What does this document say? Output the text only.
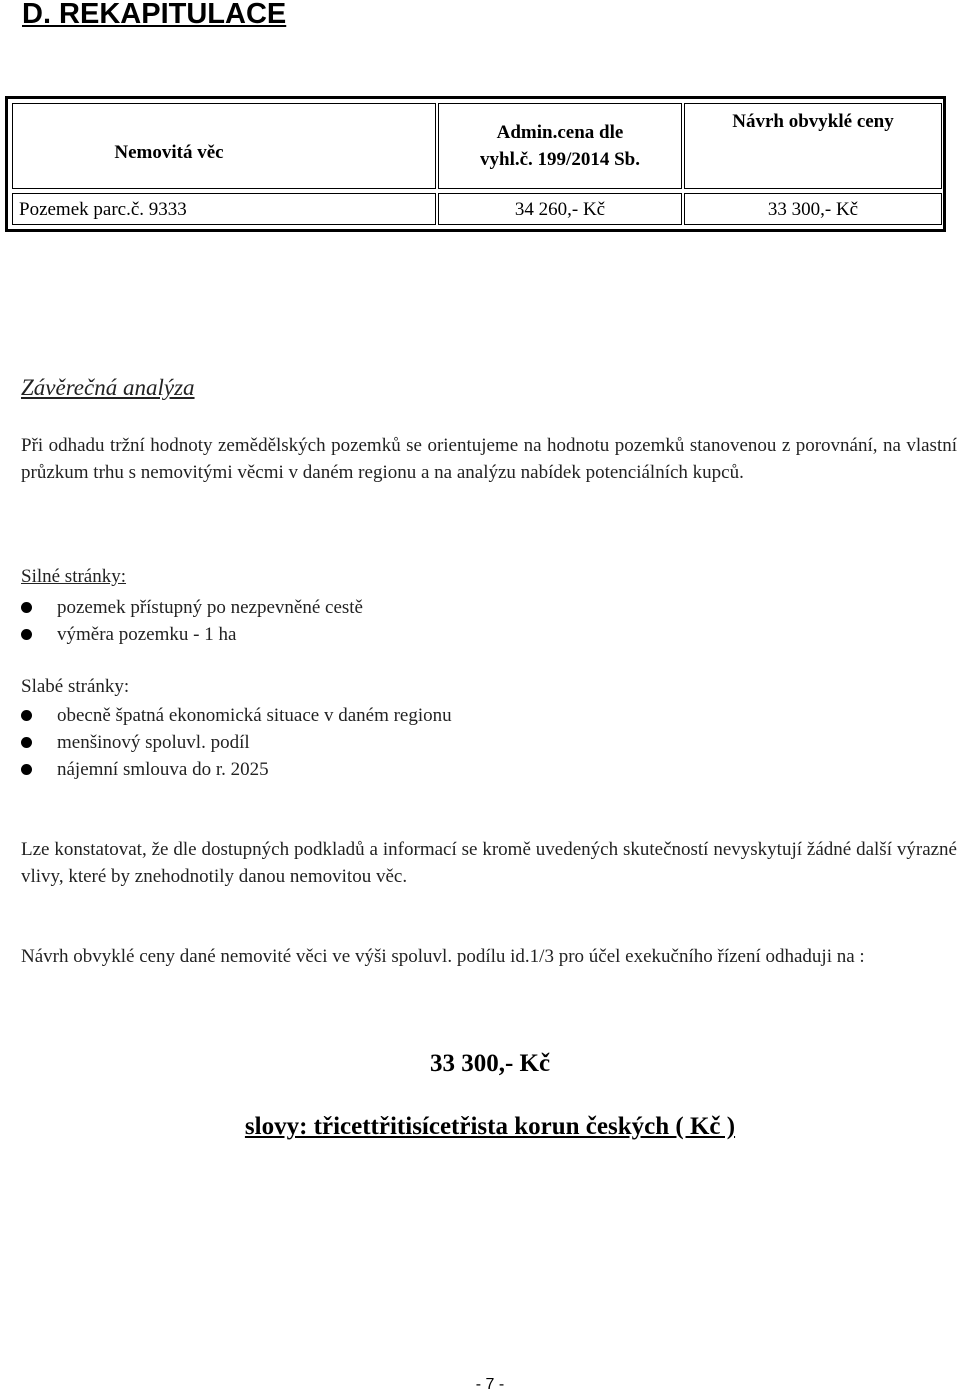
D. REKAPITULACE
Nemovitá věc
Admin.cena dle
vyhl.č. 199/2014 Sb.
Návrh obvyklé ceny
Pozemek parc.č. 9333	34 260,- Kč	33 300,- Kč
Závěrečná analýza

Při odhadu tržní hodnoty zemědělských pozemků se orientujeme na hodnotu pozemků stanovenou z porovnání, na vlastní průzkum trhu s nemovitými věcmi v daném regionu a na analýzu nabídek potenciálních kupců.

Silné stránky:

pozemek přístupný po nezpevněné cestě
výměra pozemku - 1 ha

Slabé stránky:

obecně špatná ekonomická situace v daném regionu
menšinový spoluvl. podíl
nájemní smlouva do r. 2025

Lze konstatovat, že dle dostupných podkladů a informací se kromě uvedených skutečností nevyskytují žádné další výrazné vlivy, které by znehodnotily danou nemovitou věc.

Návrh obvyklé ceny dané nemovité věci ve výši spoluvl. podílu id.1/3 pro účel exekučního řízení odhaduji na :

33 300,- Kč

slovy: třicettřitisícetřista korun českých ( Kč )

- 7 -
